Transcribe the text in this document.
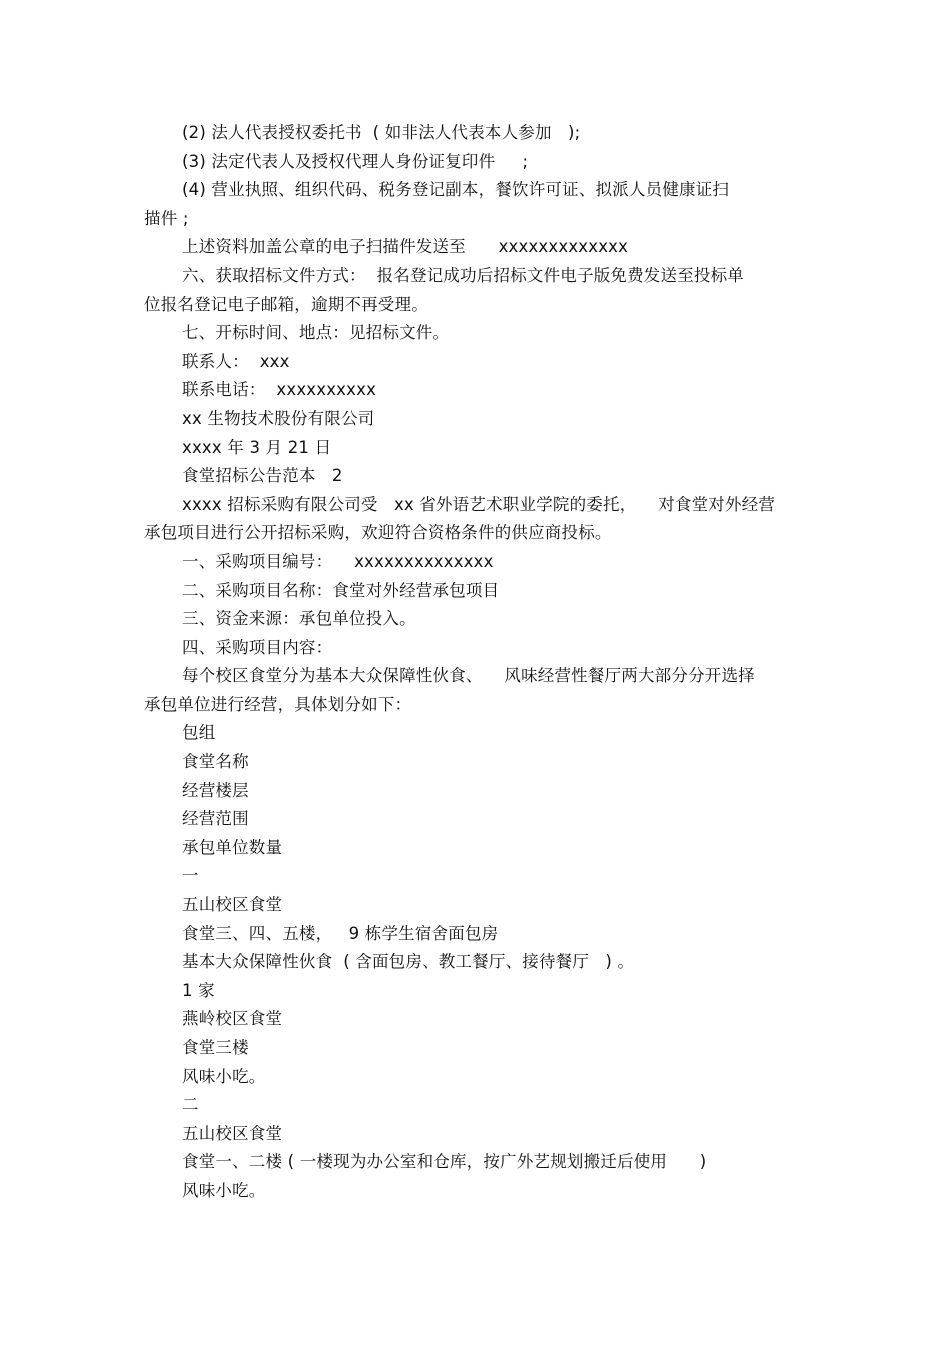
(2) 法人代表授权委托书  ( 如非法人代表本人参加   );
(3) 法定代表人及授权代理人身份证复印件     ;
(4) 营业执照、组织代码、税务登记副本，餐饮许可证、拟派人员健康证扫
描件 ;
上述资料加盖公章的电子扫描件发送至      xxxxxxxxxxxxx
六、获取招标文件方式：  报名登记成功后招标文件电子版免费发送至投标单
位报名登记电子邮箱，逾期不再受理。
七、开标时间、地点：见招标文件。
联系人：  xxx
联系电话：  xxxxxxxxxx
xx 生物技术股份有限公司
xxxx 年 3 月 21 日
食堂招标公告范本   2
xxxx 招标采购有限公司受   xx 省外语艺术职业学院的委托，    对食堂对外经营
承包项目进行公开招标采购，欢迎符合资格条件的供应商投标。
一、采购项目编号：    xxxxxxxxxxxxxx
二、采购项目名称：食堂对外经营承包项目
三、资金来源：承包单位投入。
四、采购项目内容：
每个校区食堂分为基本大众保障性伙食、    风味经营性餐厅两大部分分开选择
承包单位进行经营，具体划分如下：
包组
食堂名称
经营楼层
经营范围
承包单位数量
一
五山校区食堂
食堂三、四、五楼，   9 栋学生宿舍面包房
基本大众保障性伙食  ( 含面包房、教工餐厅、接待餐厅   ) 。
1 家
燕岭校区食堂
食堂三楼
风味小吃。
二
五山校区食堂
食堂一、二楼 ( 一楼现为办公室和仓库，按广外艺规划搬迁后使用      )
风味小吃。
